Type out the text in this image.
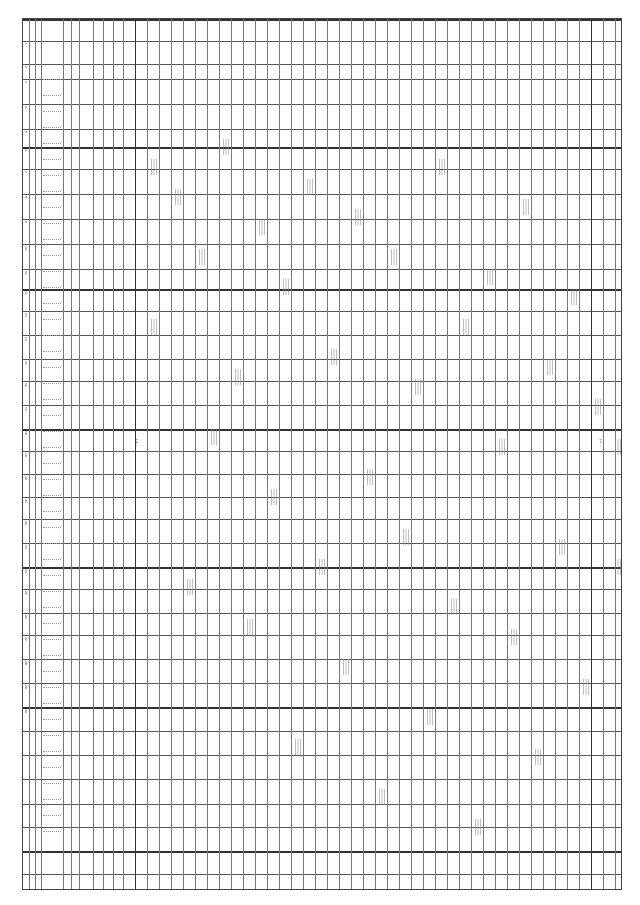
§ 1 ...	§ 2 ...
1
2
3
4
5
6
7
8
9
10
11
12
13
14
15
16
17
18
19
20
21
22
23
24
25
26
27
28
29
30
